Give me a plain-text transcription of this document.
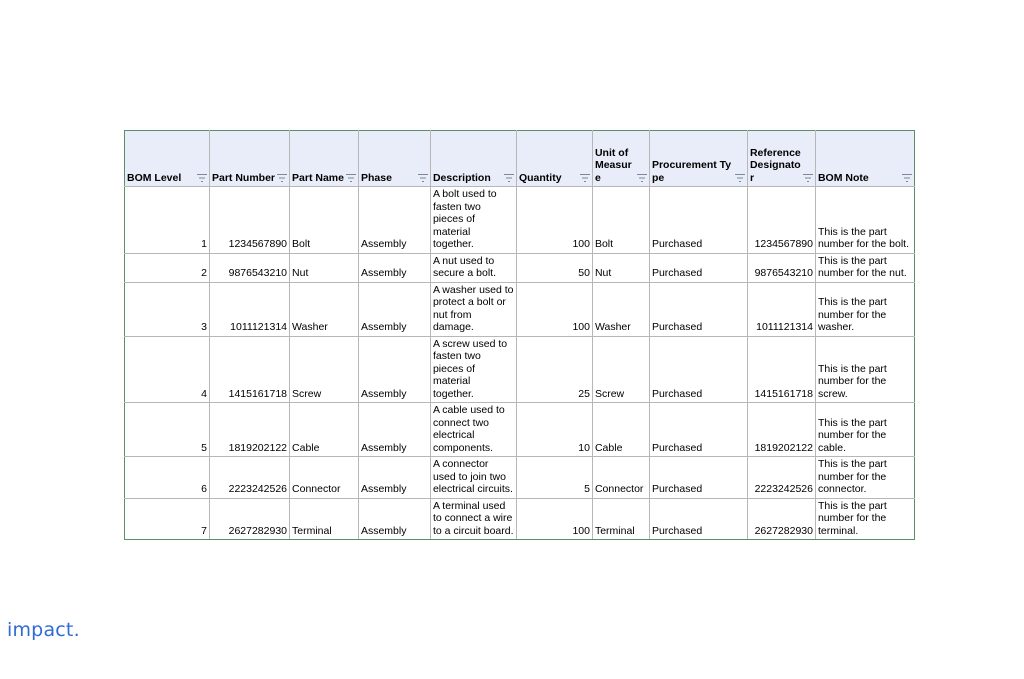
BOM Level	Part Number	Part Name	Phase	Description	Quantity	Unit of Measure	Procurement Type	Reference Designator	BOM Note

1	1234567890	Bolt	Assembly	A bolt used to fasten two pieces of material together.	100	Bolt	Purchased	1234567890	This is the part number for the bolt.
2	9876543210	Nut	Assembly	A nut used to secure a bolt.	50	Nut	Purchased	9876543210	This is the part number for the nut.
3	1011121314	Washer	Assembly	A washer used to protect a bolt or nut from damage.	100	Washer	Purchased	1011121314	This is the part number for the washer.
4	1415161718	Screw	Assembly	A screw used to fasten two pieces of material together.	25	Screw	Purchased	1415161718	This is the part number for the screw.
5	1819202122	Cable	Assembly	A cable used to connect two electrical components.	10	Cable	Purchased	1819202122	This is the part number for the cable.
6	2223242526	Connector	Assembly	A connector used to join two electrical circuits.	5	Connector	Purchased	2223242526	This is the part number for the connector.
7	2627282930	Terminal	Assembly	A terminal used to connect a wire to a circuit board.	100	Terminal	Purchased	2627282930	This is the part number for the terminal.
impact.
